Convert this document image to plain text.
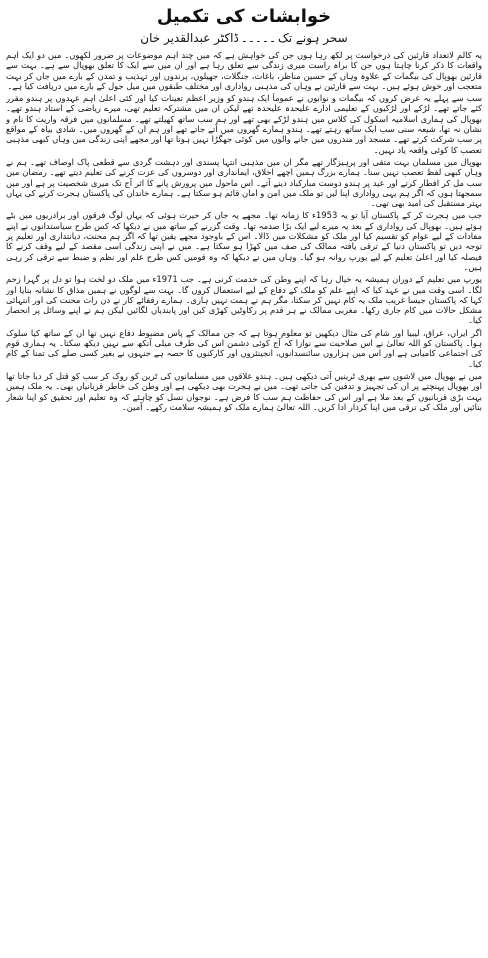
خوابشات کی تکمیل
سحر ہونے تک۔۔۔۔۔ڈاکٹر عبدالقدیر خان

یہ کالم لاتعداد قارئین کی درخواست پر لکھ رہا ہوں جن کی خواہش ہے کہ میں چند اہم موضوعات پر ضرور لکھوں۔ میں دو ایک اہم واقعات کا ذکر کرنا چاہتا ہوں جن کا براہ راست میری زندگی سے تعلق رہا ہے اور ان میں سے ایک کا تعلق بھوپال سے ہے۔ بہت سے قارئین بھوپال کی بیگمات کے علاوہ وہاں کے حسین مناظر، باغات، جنگلات، جھیلوں، پرندوں اور تہذیب و تمدن کے بارے میں جان کر بہت متعجب اور خوش ہوئے ہیں۔ بہت سے قارئین نے وہاں کی مذہبی رواداری اور مختلف طبقوں میں میل جول کے بارے میں دریافت کیا ہے۔

سب سے پہلے یہ عرض کروں کہ بیگمات و نوابوں نے عموماً ایک ہندو کو وزیر اعظم تعینات کیا اور کئی اعلیٰ اہم عہدوں پر ہندو مقرر کئے جاتے تھے۔ لڑکے اور لڑکیوں کے تعلیمی ادارے علیحدہ علیحدہ تھے لیکن ان میں مشترکہ تعلیم تھی، میرے ریاضی کے استاد ہندو تھے۔ بھوپال کی ہماری اسلامیہ اسکول کی کلاس میں ہندو لڑکے بھی تھے اور ہم سب ساتھ کھیلتے تھے۔ مسلمانوں میں فرقہ واریت کا نام و نشان نہ تھا، شیعہ سنی سب ایک ساتھ رہتے تھے۔ ہندو ہمارے گھروں میں آتے جاتے تھے اور ہم ان کے گھروں میں۔ شادی بیاہ کے مواقع پر سب شرکت کرتے تھے۔ مسجد اور مندروں میں جانے والوں میں کوئی جھگڑا نہیں ہوتا تھا اور مجھے اپنی زندگی میں وہاں کبھی مذہبی تعصب کا کوئی واقعہ یاد نہیں۔

بھوپال میں مسلمان بہت متقی اور پرہیزگار تھے مگر ان میں مذہبی انتہا پسندی اور دہشت گردی سے قطعی پاک اوصاف تھے۔ ہم نے وہاں کبھی لفظ تعصب نہیں سنا۔ ہمارے بزرگ ہمیں اچھے اخلاق، ایمانداری اور دوسروں کی عزت کرنے کی تعلیم دیتے تھے۔ رمضان میں سب مل کر افطار کرتے اور عید پر ہندو دوست مبارکباد دینے آتے۔ اس ماحول میں پرورش پانے کا اثر آج تک میری شخصیت پر ہے اور میں سمجھتا ہوں کہ اگر ہم یہی رواداری اپنا لیں تو ملک میں امن و امان قائم ہو سکتا ہے۔ ہمارے خاندان کی پاکستان ہجرت کرنے کی یہاں بہتر مستقبل کی امید بھی تھی۔

جب میں ہجرت کر کے پاکستان آیا تو یہ 1953ء کا زمانہ تھا۔ مجھے یہ جان کر حیرت ہوئی کہ یہاں لوگ فرقوں اور برادریوں میں بٹے ہوئے ہیں۔ بھوپال کی رواداری کے بعد یہ میرے لیے ایک بڑا صدمہ تھا۔ وقت گزرنے کے ساتھ میں نے دیکھا کہ کس طرح سیاستدانوں نے اپنے مفادات کے لیے عوام کو تقسیم کیا اور ملک کو مشکلات میں ڈالا۔ اس کے باوجود مجھے یقین تھا کہ اگر ہم محنت، دیانتداری اور تعلیم پر توجہ دیں تو پاکستان دنیا کے ترقی یافتہ ممالک کی صف میں کھڑا ہو سکتا ہے۔ میں نے اپنی زندگی اسی مقصد کے لیے وقف کرنے کا فیصلہ کیا اور اعلیٰ تعلیم کے لیے یورپ روانہ ہو گیا۔ وہاں میں نے دیکھا کہ وہ قومیں کس طرح علم اور نظم و ضبط سے ترقی کر رہی ہیں۔

یورپ میں تعلیم کے دوران ہمیشہ یہ خیال رہا کہ اپنے وطن کی خدمت کرنی ہے۔ جب 1971ء میں ملک دو لخت ہوا تو دل پر گہرا زخم لگا۔ اسی وقت میں نے عہد کیا کہ اپنے علم کو ملک کے دفاع کے لیے استعمال کروں گا۔ بہت سے لوگوں نے ہمیں مذاق کا نشانہ بنایا اور کہا کہ پاکستان جیسا غریب ملک یہ کام نہیں کر سکتا، مگر ہم نے ہمت نہیں ہاری۔ ہمارے رفقائے کار نے دن رات محنت کی اور انتہائی مشکل حالات میں کام جاری رکھا۔ مغربی ممالک نے ہر قدم پر رکاوٹیں کھڑی کیں اور پابندیاں لگائیں لیکن ہم نے اپنے وسائل پر انحصار کیا۔

اگر ایران، عراق، لیبیا اور شام کی مثال دیکھیں تو معلوم ہوتا ہے کہ جن ممالک کے پاس مضبوط دفاع نہیں تھا ان کے ساتھ کیا سلوک ہوا۔ پاکستان کو اللہ تعالیٰ نے اس صلاحیت سے نوازا کہ آج کوئی دشمن اس کی طرف میلی آنکھ سے نہیں دیکھ سکتا۔ یہ ہماری قوم کی اجتماعی کامیابی ہے اور اس میں ہزاروں سائنسدانوں، انجینئروں اور کارکنوں کا حصہ ہے جنہوں نے بغیر کسی صلے کی تمنا کے کام کیا۔

میں نے بھوپال میں لاشوں سے بھری ٹرینیں آتی دیکھی ہیں۔ ہندو علاقوں میں مسلمانوں کی ٹرین کو روک کر سب کو قتل کر دیا جاتا تھا اور بھوپال پہنچتے پر ان کی تجہیز و تدفین کی جاتی تھی۔ میں نے ہجرت بھی دیکھی ہے اور وطن کی خاطر قربانیاں بھی۔ یہ ملک ہمیں بہت بڑی قربانیوں کے بعد ملا ہے اور اس کی حفاظت ہم سب کا فرض ہے۔ نوجوان نسل کو چاہئے کہ وہ تعلیم اور تحقیق کو اپنا شعار بنائیں اور ملک کی ترقی میں اپنا کردار ادا کریں۔ اللہ تعالیٰ ہمارے ملک کو ہمیشہ سلامت رکھے۔ آمین۔
